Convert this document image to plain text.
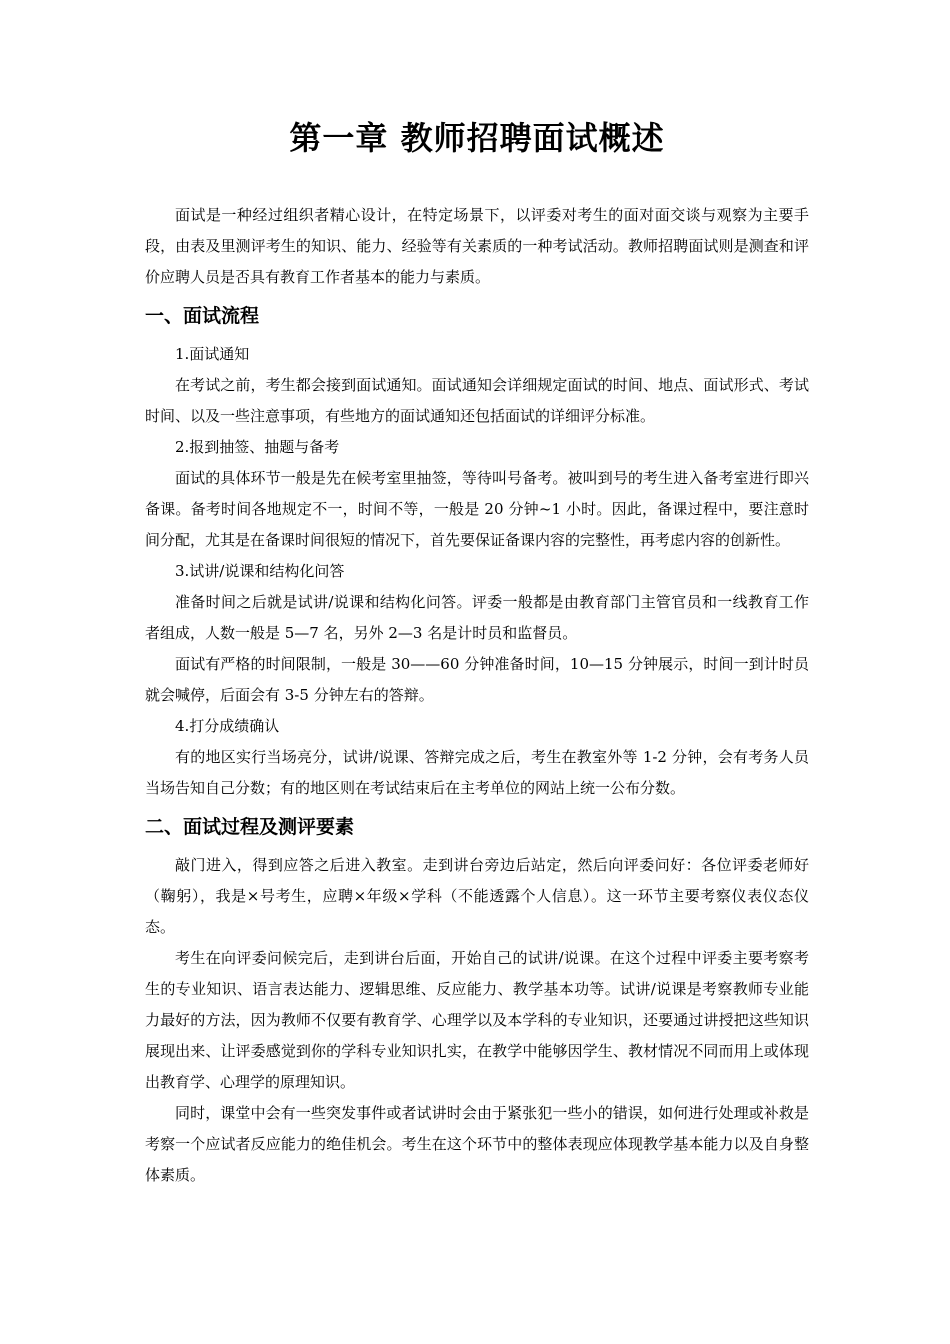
第一章 教师招聘面试概述

面试是一种经过组织者精心设计，在特定场景下，以评委对考生的面对面交谈与观察为主要手段，由表及里测评考生的知识、能力、经验等有关素质的一种考试活动。教师招聘面试则是测查和评价应聘人员是否具有教育工作者基本的能力与素质。

一、面试流程

1.面试通知

在考试之前，考生都会接到面试通知。面试通知会详细规定面试的时间、地点、面试形式、考试时间、以及一些注意事项，有些地方的面试通知还包括面试的详细评分标准。

2.报到抽签、抽题与备考

面试的具体环节一般是先在候考室里抽签，等待叫号备考。被叫到号的考生进入备考室进行即兴备课。备考时间各地规定不一，时间不等，一般是 20 分钟~1 小时。因此，备课过程中，要注意时间分配，尤其是在备课时间很短的情况下，首先要保证备课内容的完整性，再考虑内容的创新性。

3.试讲/说课和结构化问答

准备时间之后就是试讲/说课和结构化问答。评委一般都是由教育部门主管官员和一线教育工作者组成，人数一般是 5—7 名，另外 2—3 名是计时员和监督员。

面试有严格的时间限制，一般是 30——60 分钟准备时间，10—15 分钟展示，时间一到计时员就会喊停，后面会有 3-5 分钟左右的答辩。

4.打分成绩确认

有的地区实行当场亮分，试讲/说课、答辩完成之后，考生在教室外等 1-2 分钟，会有考务人员当场告知自己分数；有的地区则在考试结束后在主考单位的网站上统一公布分数。

二、面试过程及测评要素

敲门进入，得到应答之后进入教室。走到讲台旁边后站定，然后向评委问好：各位评委老师好（鞠躬），我是×号考生，应聘×年级×学科（不能透露个人信息）。这一环节主要考察仪表仪态仪态。

考生在向评委问候完后，走到讲台后面，开始自己的试讲/说课。在这个过程中评委主要考察考生的专业知识、语言表达能力、逻辑思维、反应能力、教学基本功等。试讲/说课是考察教师专业能力最好的方法，因为教师不仅要有教育学、心理学以及本学科的专业知识，还要通过讲授把这些知识展现出来、让评委感觉到你的学科专业知识扎实，在教学中能够因学生、教材情况不同而用上或体现出教育学、心理学的原理知识。

同时，课堂中会有一些突发事件或者试讲时会由于紧张犯一些小的错误，如何进行处理或补救是考察一个应试者反应能力的绝佳机会。考生在这个环节中的整体表现应体现教学基本能力以及自身整体素质。
